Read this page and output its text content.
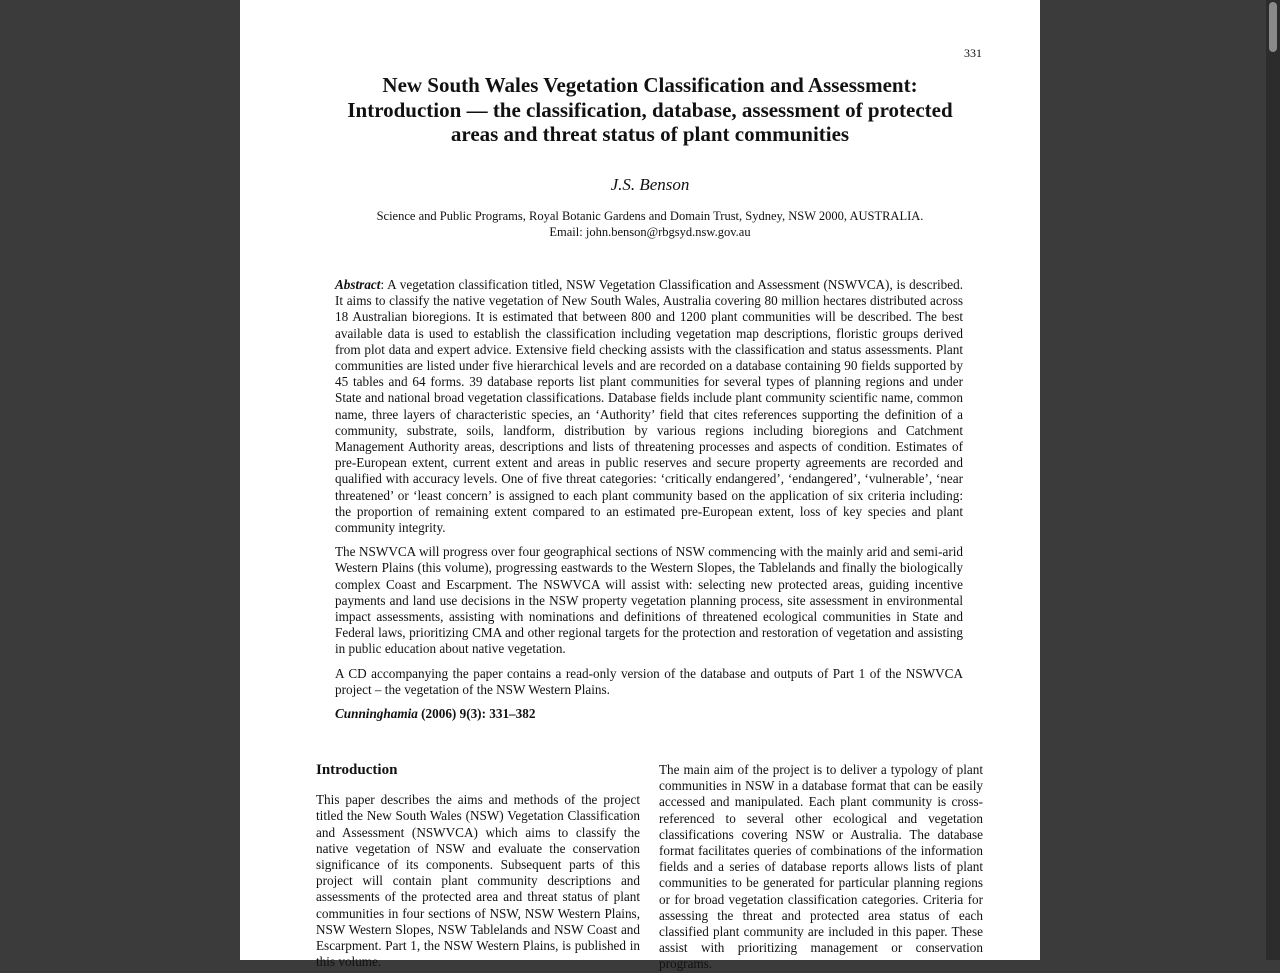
331
New South Wales Vegetation Classification and Assessment: Introduction — the classification, database, assessment of protected areas and threat status of plant communities
J.S. Benson
Science and Public Programs, Royal Botanic Gardens and Domain Trust, Sydney, NSW 2000, AUSTRALIA.
Email: john.benson@rbgsyd.nsw.gov.au

Abstract: A vegetation classification titled, NSW Vegetation Classification and Assessment (NSWVCA), is described. It aims to classify the native vegetation of New South Wales, Australia covering 80 million hectares distributed across 18 Australian bioregions. It is estimated that between 800 and 1200 plant communities will be described. The best available data is used to establish the classification including vegetation map descriptions, floristic groups derived from plot data and expert advice. Extensive field checking assists with the classification and status assessments. Plant communities are listed under five hierarchical levels and are recorded on a database containing 90 fields supported by 45 tables and 64 forms. 39 database reports list plant communities for several types of planning regions and under State and national broad vegetation classifications. Database fields include plant community scientific name, common name, three layers of characteristic species, an ‘Authority’ field that cites references supporting the definition of a community, substrate, soils, landform, distribution by various regions including bioregions and Catchment Management Authority areas, descriptions and lists of threatening processes and aspects of condition. Estimates of pre-European extent, current extent and areas in public reserves and secure property agreements are recorded and qualified with accuracy levels. One of five threat categories: ‘critically endangered’, ‘endangered’, ‘vulnerable’, ‘near threatened’ or ‘least concern’ is assigned to each plant community based on the application of six criteria including: the proportion of remaining extent compared to an estimated pre-European extent, loss of key species and plant community integrity.

The NSWVCA will progress over four geographical sections of NSW commencing with the mainly arid and semi-arid Western Plains (this volume), progressing eastwards to the Western Slopes, the Tablelands and finally the biologically complex Coast and Escarpment. The NSWVCA will assist with: selecting new protected areas, guiding incentive payments and land use decisions in the NSW property vegetation planning process, site assessment in environmental impact assessments, assisting with nominations and definitions of threatened ecological communities in State and Federal laws, prioritizing CMA and other regional targets for the protection and restoration of vegetation and assisting in public education about native vegetation.

A CD accompanying the paper contains a read-only version of the database and outputs of Part 1 of the NSWVCA project – the vegetation of the NSW Western Plains.

Cunninghamia (2006) 9(3): 331–382

Introduction

This paper describes the aims and methods of the project titled the New South Wales (NSW) Vegetation Classification and Assessment (NSWVCA) which aims to classify the native vegetation of NSW and evaluate the conservation significance of its components. Subsequent parts of this project will contain plant community descriptions and assessments of the protected area and threat status of plant communities in four sections of NSW, NSW Western Plains, NSW Western Slopes, NSW Tablelands and NSW Coast and Escarpment. Part 1, the NSW Western Plains, is published in this volume.

The main aim of the project is to deliver a typology of plant communities in NSW in a database format that can be easily accessed and manipulated. Each plant community is cross-referenced to several other ecological and vegetation classifications covering NSW or Australia. The database format facilitates queries of combinations of the information fields and a series of database reports allows lists of plant communities to be generated for particular planning regions or for broad vegetation classification categories. Criteria for assessing the threat and protected area status of each classified plant community are included in this paper. These assist with prioritizing management or conservation programs.
